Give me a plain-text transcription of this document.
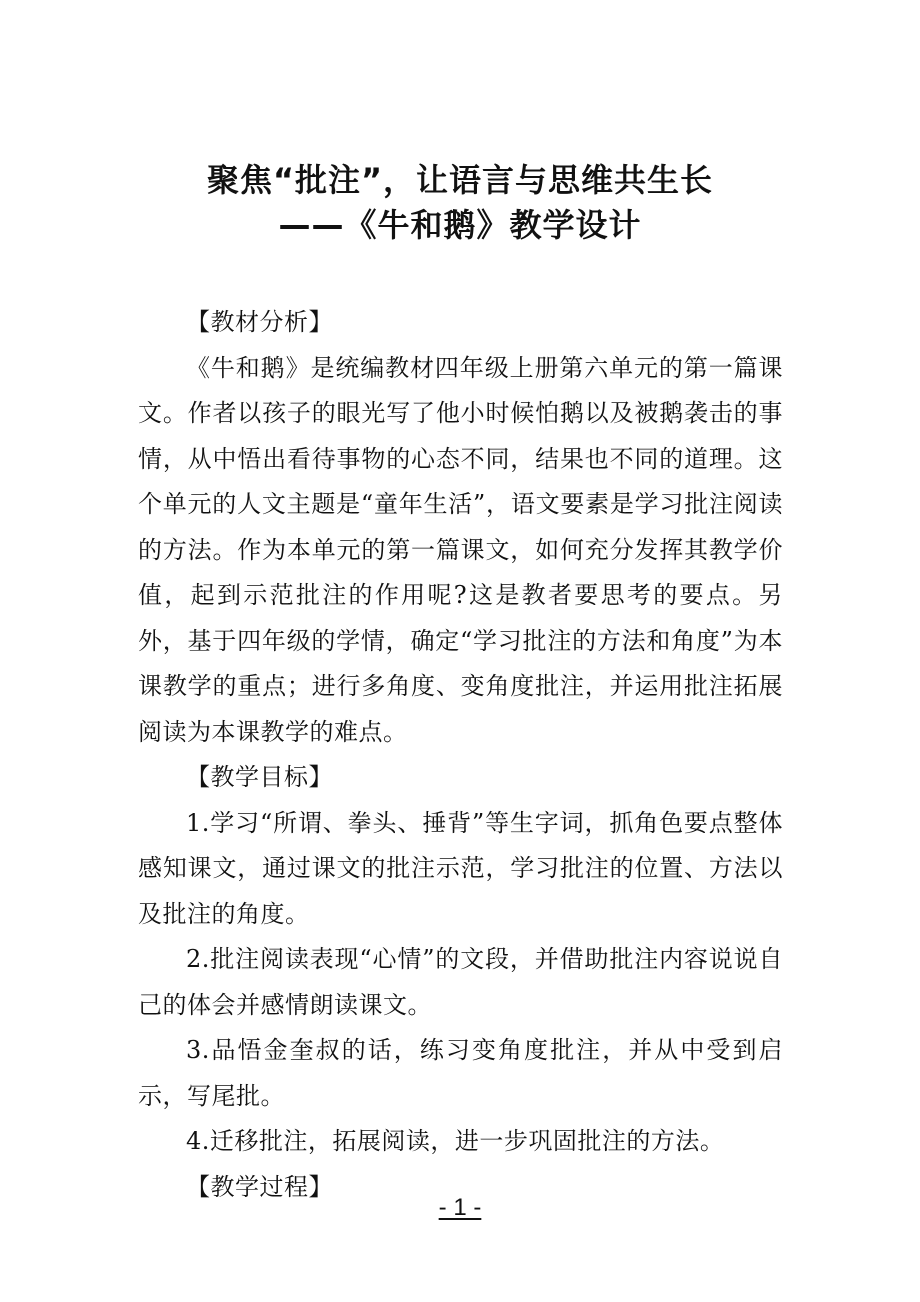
聚焦“批注”，让语言与思维共生长
——《牛和鹅》教学设计

【教材分析】

《牛和鹅》是统编教材四年级上册第六单元的第一篇课文。作者以孩子的眼光写了他小时候怕鹅以及被鹅袭击的事情，从中悟出看待事物的心态不同，结果也不同的道理。这个单元的人文主题是“童年生活”，语文要素是学习批注阅读的方法。作为本单元的第一篇课文，如何充分发挥其教学价值，起到示范批注的作用呢?这是教者要思考的要点。另外，基于四年级的学情，确定“学习批注的方法和角度”为本课教学的重点；进行多角度、变角度批注，并运用批注拓展阅读为本课教学的难点。

【教学目标】

1.学习“所谓、拳头、捶背”等生字词，抓角色要点整体感知课文，通过课文的批注示范，学习批注的位置、方法以及批注的角度。

2.批注阅读表现“心情”的文段，并借助批注内容说说自己的体会并感情朗读课文。

3.品悟金奎叔的话，练习变角度批注，并从中受到启示，写尾批。

4.迁移批注，拓展阅读，进一步巩固批注的方法。

【教学过程】

- 1 -
